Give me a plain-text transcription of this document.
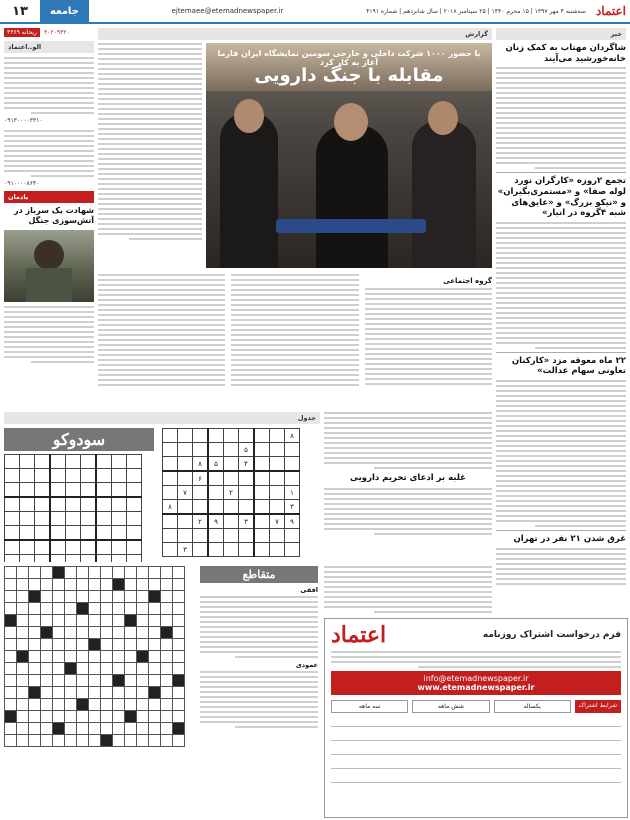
۱۳	جامعه	ejtemaee@etemadnewspaper.ir	سه‌شنبه ۴ مهر ۱۳۹۷ | ۱۵ محرم ۱۴۴۰ | ۲۵ سپتامبر ۲۰۱۸ | سال شانزدهم | شماره ۴۱۹۱ اعتماد
ریحانه ۴۴۶۹	۳۰۲۰۹۳۲۰
الو..اعتماد
۰۹۱۳۰۰۰۰۳۳۱۰
۰۹۱۰۰۰۰۸۶۴۰
یادمان
شهادت یک سرباز در آتش‌سوزی جنگل
گزارش
با حضور ۱۰۰۰ شرکت داخلی و خارجی سومین نمایشگاه ایران فارما آغاز به کار کرد
مقابله با جنگ دارویی
گروه اجتماعی
خبر
شاگردان مهتاب به کمک زنان خانه‌خورشید می‌آیند
تجمع ۲روزه «کارگران نورد لوله صفا» و «مستمری‌بگیران» و «نیکو بزرگ» و «عایق‌های شبه ۴گروه در انبار»
۲۲ ماه معوقه مزد «کارکنان تعاونی سهام عدالت»
غرق شدن ۲۱ نفر در تهران
جدول
سودوکو

									۸
					۵			
		۸	۵		۴			
		۶						
	۷			۲				۱
۸								۳
		۲	۹		۳		۷	۹

	۳							
غلبه بر ادعای تحریم دارویی

متقاطع
افقی
عمودی
اعتماد	فرم درخواست اشتراک روزنامه
info@etemadnewspaper.ir
www.etemadnewspaper.ir
سه ماهه	شش ماهه	یکساله	شرایط اشتراک
